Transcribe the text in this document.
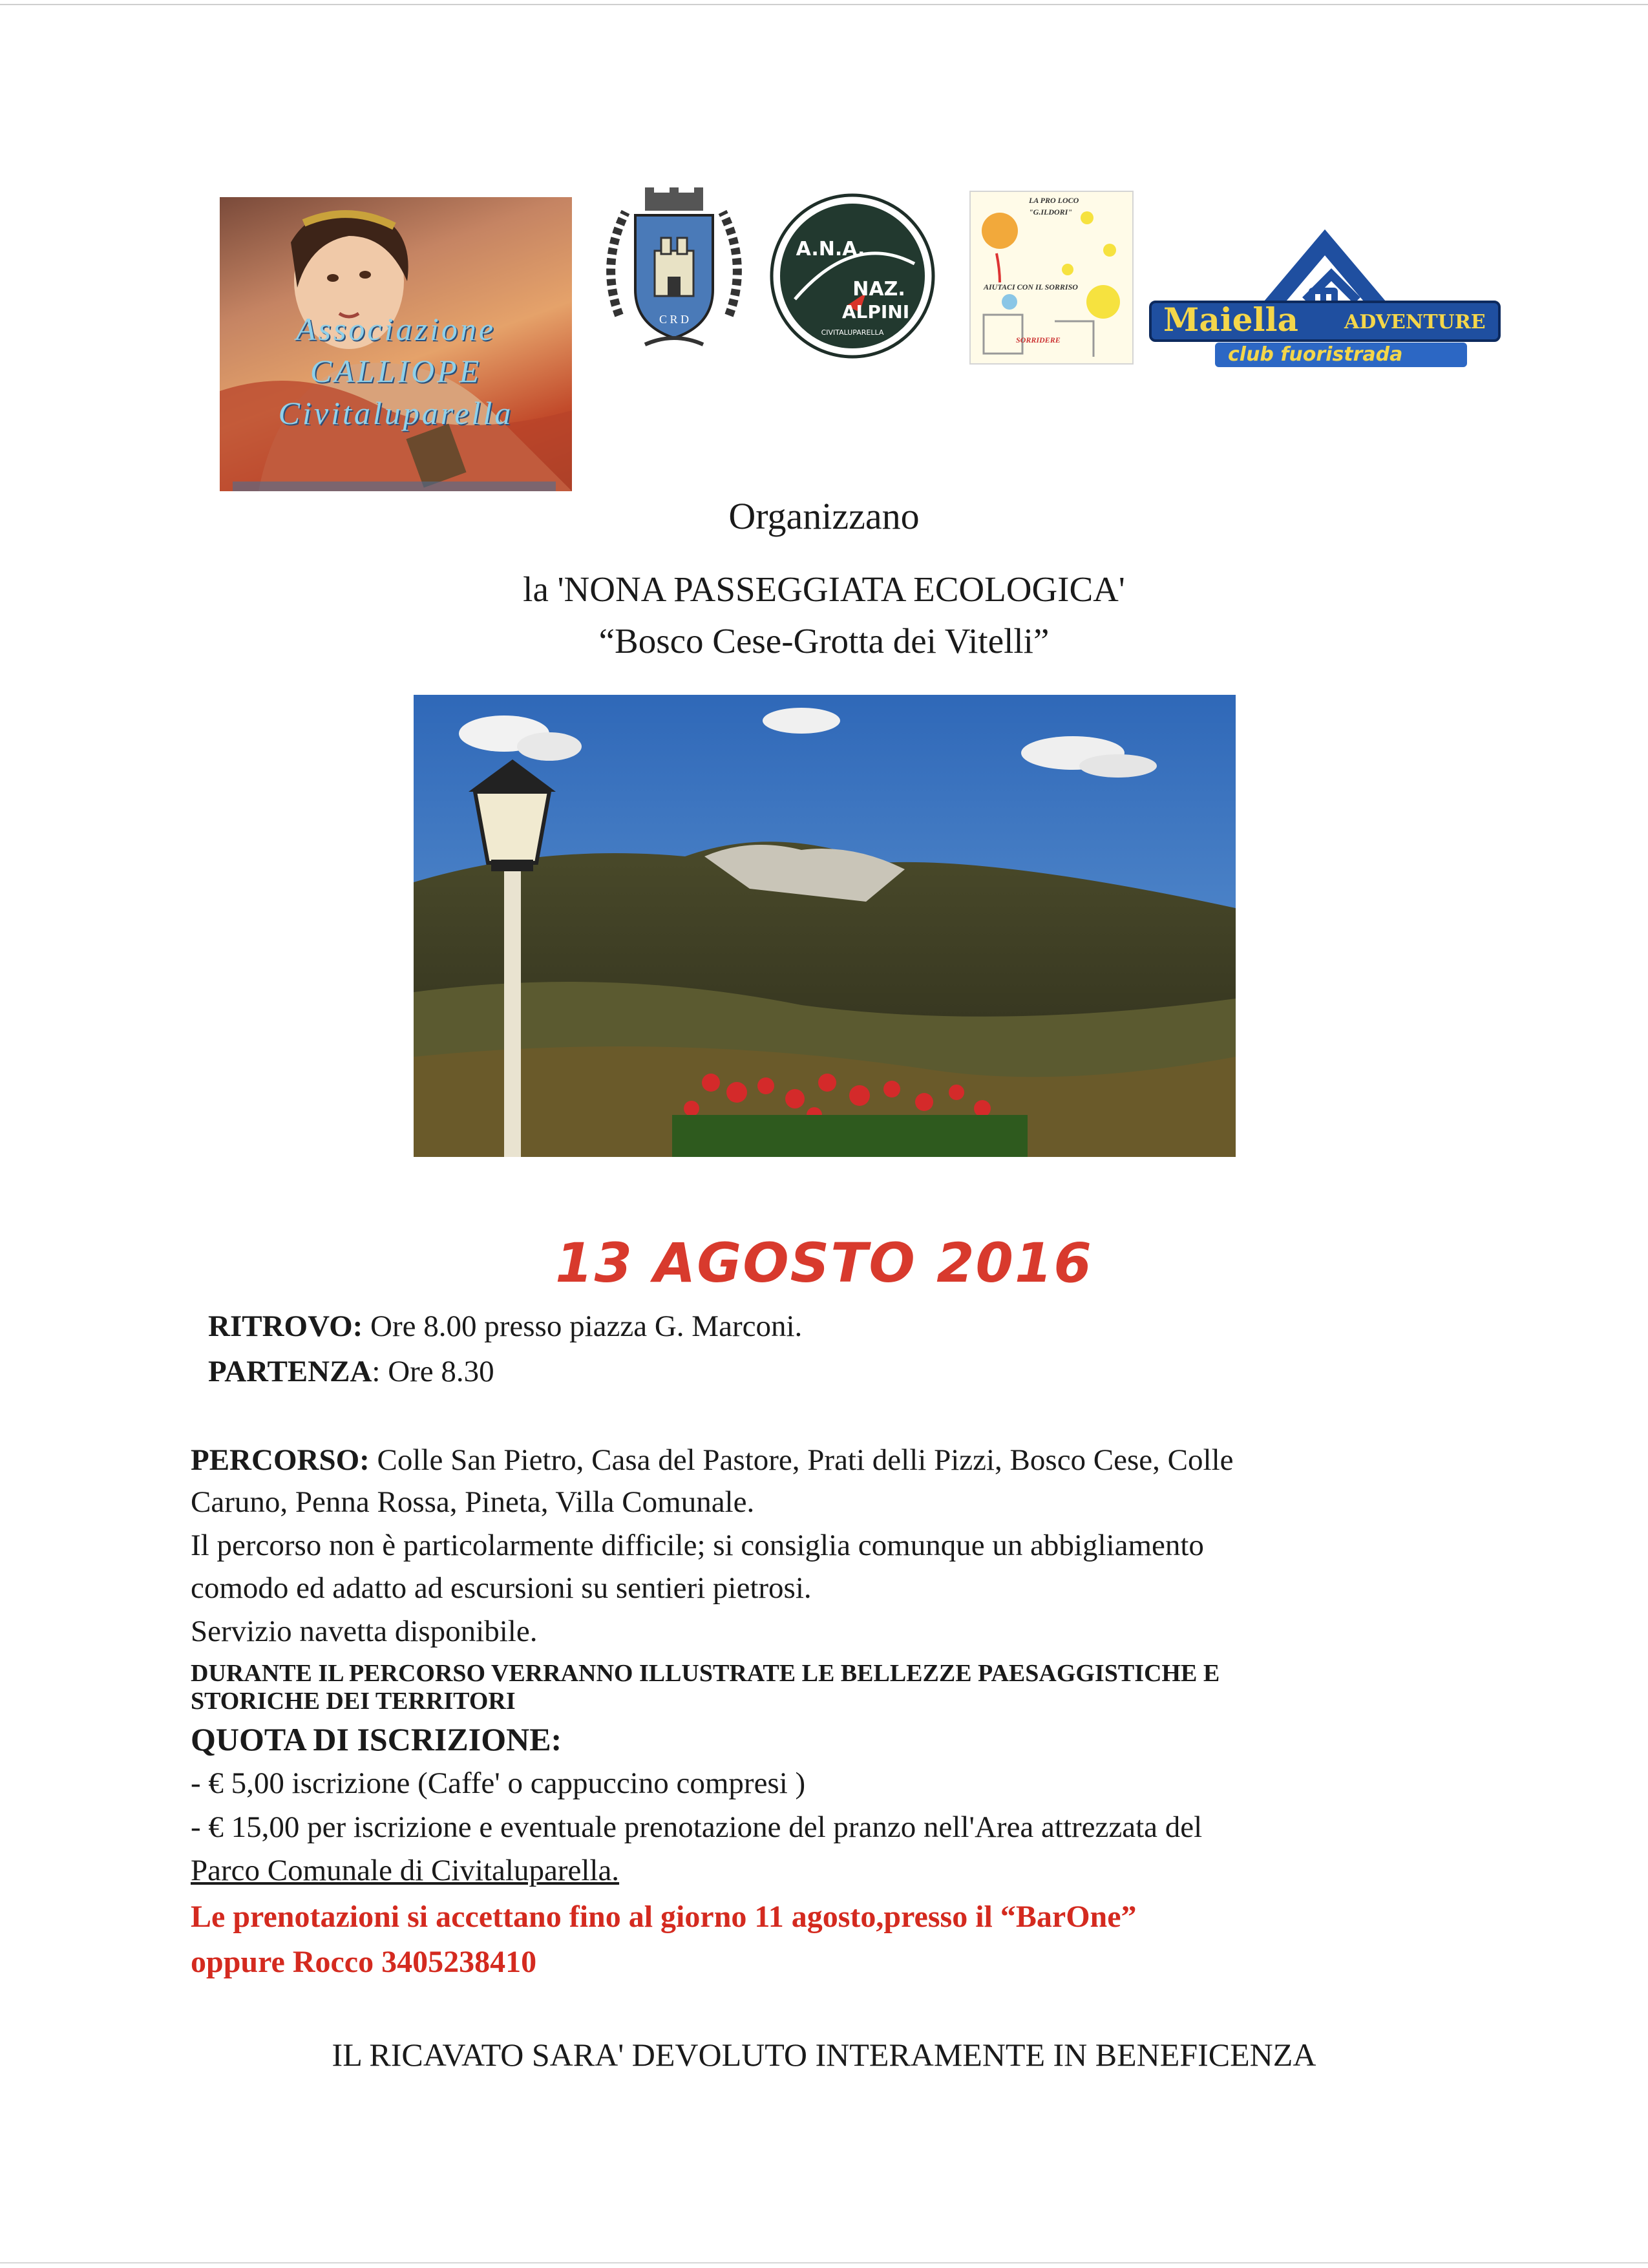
Associazione
CALLIOPE
Civitaluparella
C R D
A.N.A.
NAZ.
ALPINI
CIVITALUPARELLA
LA PRO LOCO
"G.ILDORI"
AIUTACI CON IL SORRISO
SORRIDERE
Maiella ADVENTURE
club fuoristrada
Organizzano
la 'NONA PASSEGGIATA ECOLOGICA'
“Bosco Cese-Grotta dei Vitelli”
13 AGOSTO 2016
RITROVO: Ore 8.00 presso piazza G. Marconi.
PARTENZA: Ore 8.30
PERCORSO: Colle San Pietro, Casa del Pastore, Prati delli Pizzi, Bosco Cese, Colle
Caruno, Penna Rossa, Pineta, Villa Comunale.
Il percorso non è particolarmente difficile; si consiglia comunque un abbigliamento
comodo ed adatto ad escursioni su sentieri pietrosi.
Servizio navetta disponibile.
DURANTE IL PERCORSO VERRANNO ILLUSTRATE LE BELLEZZE PAESAGGISTICHE E
STORICHE DEI TERRITORI
QUOTA DI ISCRIZIONE:
- € 5,00 iscrizione (Caffe' o cappuccino compresi )
- € 15,00 per iscrizione e eventuale prenotazione del pranzo nell'Area attrezzata del
Parco Comunale di Civitaluparella.
Le prenotazioni si accettano fino al giorno 11 agosto,presso il “BarOne”
oppure Rocco 3405238410
IL RICAVATO SARA' DEVOLUTO INTERAMENTE IN BENEFICENZA
